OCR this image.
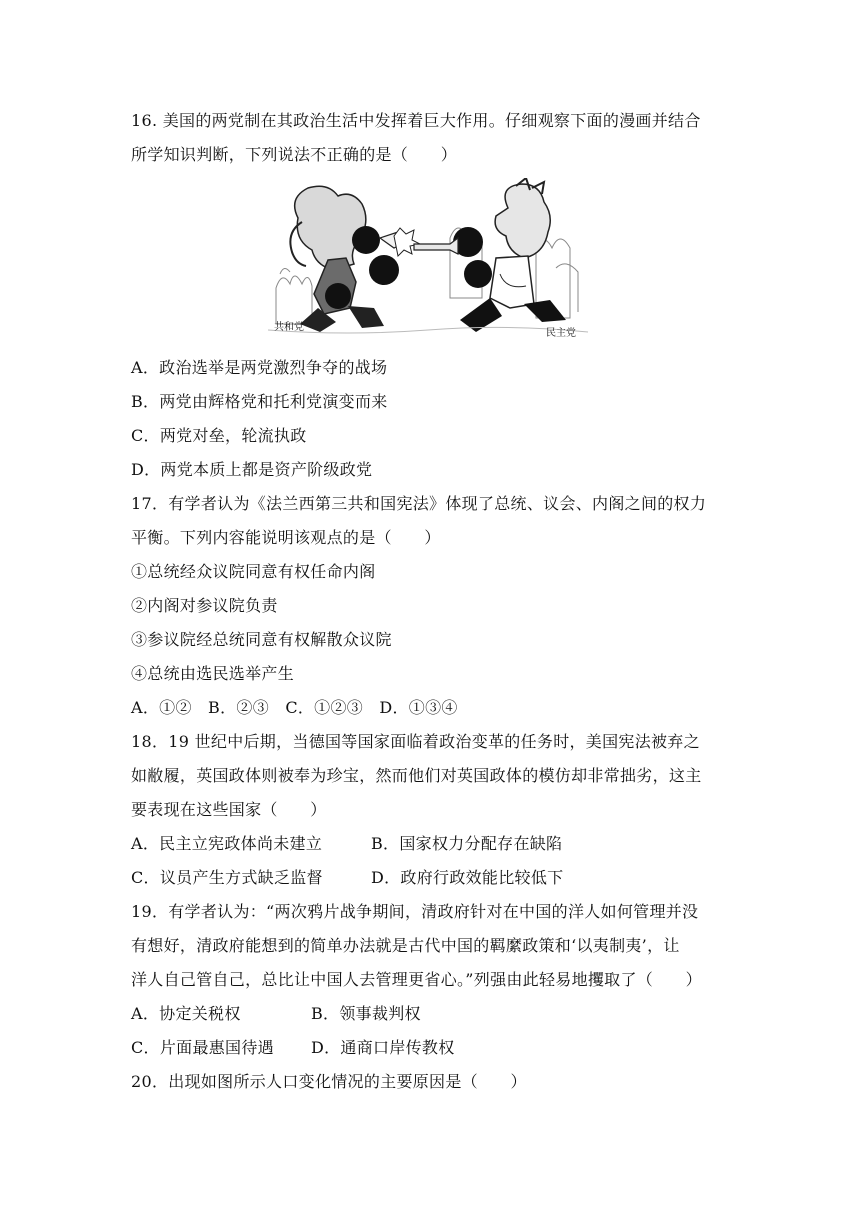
16. 美国的两党制在其政治生活中发挥着巨大作用。仔细观察下面的漫画并结合
所学知识判断，下列说法不正确的是（　　）
共和党
民主党
A．政治选举是两党激烈争夺的战场
B．两党由辉格党和托利党演变而来
C．两党对垒，轮流执政
D．两党本质上都是资产阶级政党
17．有学者认为《法兰西第三共和国宪法》体现了总统、议会、内阁之间的权力
平衡。下列内容能说明该观点的是（　　）
①总统经众议院同意有权任命内阁
②内阁对参议院负责
③参议院经总统同意有权解散众议院
④总统由选民选举产生
A．①②　B．②③　C．①②③　D．①③④
18．19 世纪中后期，当德国等国家面临着政治变革的任务时，美国宪法被弃之
如敝履，英国政体则被奉为珍宝，然而他们对英国政体的模仿却非常拙劣，这主
要表现在这些国家（　　）
A．民主立宪政体尚未建立	B．国家权力分配存在缺陷
C．议员产生方式缺乏监督	D．政府行政效能比较低下
19．有学者认为：“两次鸦片战争期间，清政府针对在中国的洋人如何管理并没
有想好，清政府能想到的简单办法就是古代中国的羁縻政策和‘以夷制夷’，让
洋人自己管自己，总比让中国人去管理更省心。”列强由此轻易地攫取了（　　）
A．协定关税权	B．领事裁判权
C．片面最惠国待遇 D．通商口岸传教权
20．出现如图所示人口变化情况的主要原因是（　　）
